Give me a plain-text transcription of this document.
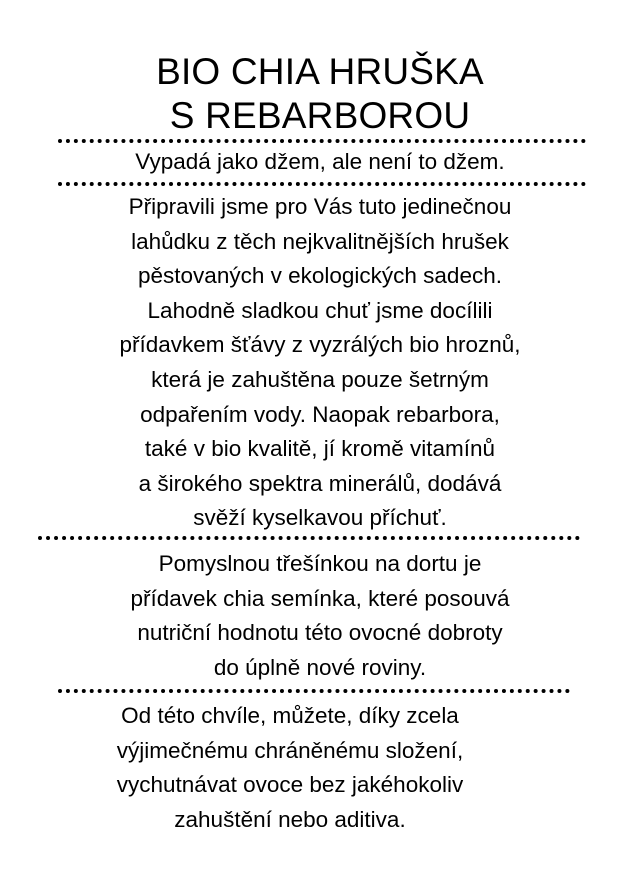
BIO CHIA HRUŠKA
S REBARBOROU

Vypadá jako džem, ale není to džem.

Připravili jsme pro Vás tuto jedinečnou
lahůdku z těch nejkvalitnějších hrušek
pěstovaných v ekologických sadech.
Lahodně sladkou chuť jsme docílili
přídavkem šťávy z vyzrálých bio hroznů,
která je zahuštěna pouze šetrným
odpařením vody. Naopak rebarbora,
také v bio kvalitě, jí kromě vitamínů
a širokého spektra minerálů, dodává
svěží kyselkavou příchuť.

Pomyslnou třešínkou na dortu je
přídavek chia semínka, které posouvá
nutriční hodnotu této ovocné dobroty
do úplně nové roviny.

Od této chvíle, můžete, díky zcela
výjimečnému chráněnému složení,
vychutnávat ovoce bez jakéhokoliv
zahuštění nebo aditiva.
